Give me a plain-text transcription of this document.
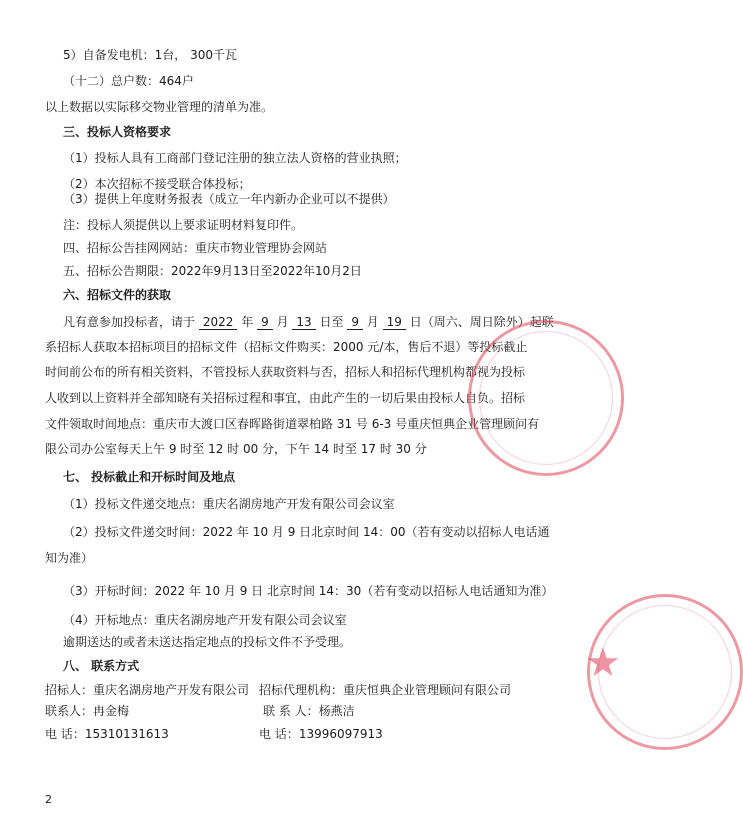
5）自备发电机：1台， 300千瓦
（十二）总户数：464户
以上数据以实际移交物业管理的清单为准。
三、投标人资格要求
（1）投标人具有工商部门登记注册的独立法人资格的营业执照；
（2）本次招标不接受联合体投标；
（3）提供上年度财务报表（成立一年内新办企业可以不提供）
注：投标人须提供以上要求证明材料复印件。
四、招标公告挂网网站：重庆市物业管理协会网站
五、招标公告期限：2022年9月13日至2022年10月2日
六、招标文件的获取
凡有意参加投标者，请于 2022 年 9 月 13 日至 9 月 19 日（周六、周日除外）起联
系招标人获取本招标项目的招标文件（招标文件购买：2000 元/本，售后不退）等投标截止
时间前公布的所有相关资料，不管投标人获取资料与否，招标人和招标代理机构都视为投标
人收到以上资料并全部知晓有关招标过程和事宜，由此产生的一切后果由投标人自负。招标
文件领取时间地点：重庆市大渡口区春晖路街道翠柏路 31 号 6-3 号重庆恒典企业管理顾问有
限公司办公室每天上午 9 时至 12 时 00 分，下午 14 时至 17 时 30 分
七、 投标截止和开标时间及地点
（1）投标文件递交地点：重庆名湖房地产开发有限公司会议室
（2）投标文件递交时间：2022 年 10 月 9 日北京时间 14：00（若有变动以招标人电话通
知为准）
（3）开标时间：2022 年 10 月 9 日 北京时间 14：30（若有变动以招标人电话通知为准）
（4）开标地点：重庆名湖房地产开发有限公司会议室
逾期送达的或者未送达指定地点的投标文件不予受理。
八、 联系方式
招标人：重庆名湖房地产开发有限公司 招标代理机构：重庆恒典企业管理顾问有限公司
联系人：冉金梅	联 系 人：杨燕洁
电 话：15310131613	电 话：13996097913
2
★
